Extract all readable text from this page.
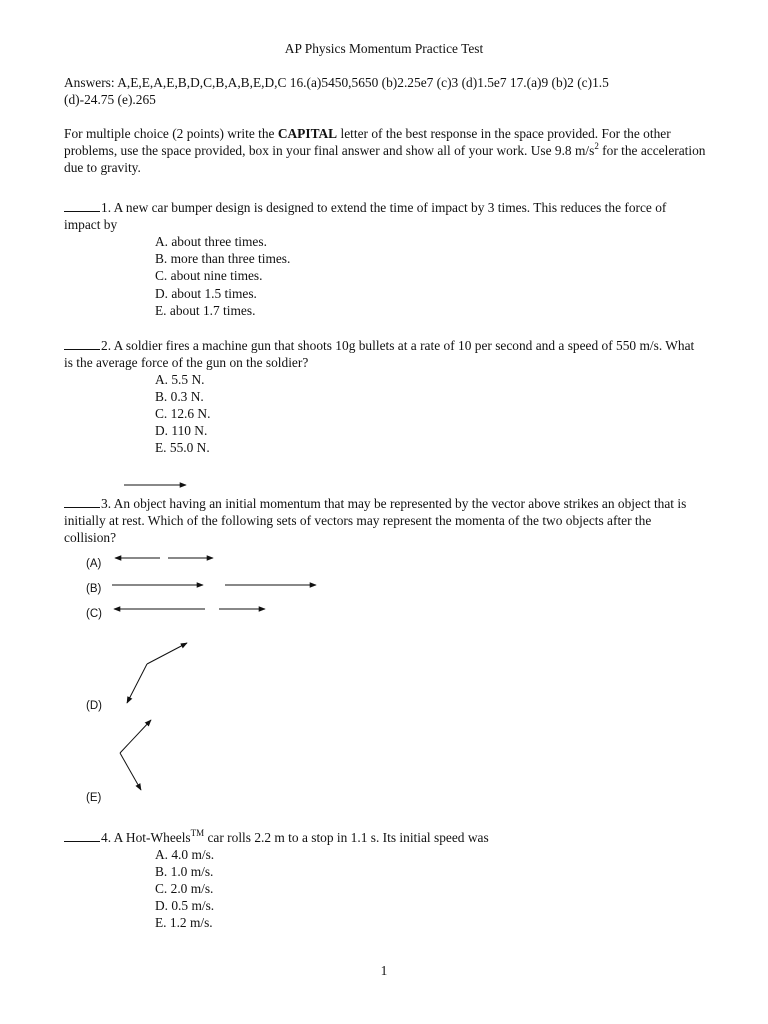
AP Physics Momentum Practice Test
Answers: A,E,E,A,E,B,D,C,B,A,B,E,D,C 16.(a)5450,5650 (b)2.25e7 (c)3 (d)1.5e7 17.(a)9 (b)2 (c)1.5
(d)-24.75 (e).265
For multiple choice (2 points) write the CAPITAL letter of the best response in the space provided. For the other problems, use the space provided, box in your final answer and show all of your work. Use 9.8 $m/s^2$ for the acceleration due to gravity.
1. A new car bumper design is designed to extend the time of impact by 3 times. This reduces the force of impact by
A. about three times.
B. more than three times.
C. about nine times.
D. about 1.5 times.
E. about 1.7 times.
2. A soldier fires a machine gun that shoots 10g bullets at a rate of 10 per second and a speed of 550 m/s. What is the average force of the gun on the soldier?
A. 5.5 N.
B. 0.3 N.
C. 12.6 N.
D. 110 N.
E. 55.0 N.
3. An object having an initial momentum that may be represented by the vector above strikes an object that is initially at rest. Which of the following sets of vectors may represent the momenta of the two objects after the collision?
(A)
(B)
(C)
(D)
(E)
4. A Hot-Wheels™ car rolls 2.2 m to a stop in 1.1 s. Its initial speed was
A. 4.0 m/s.
B. 1.0 m/s.
C. 2.0 m/s.
D. 0.5 m/s.
E. 1.2 m/s.
1
